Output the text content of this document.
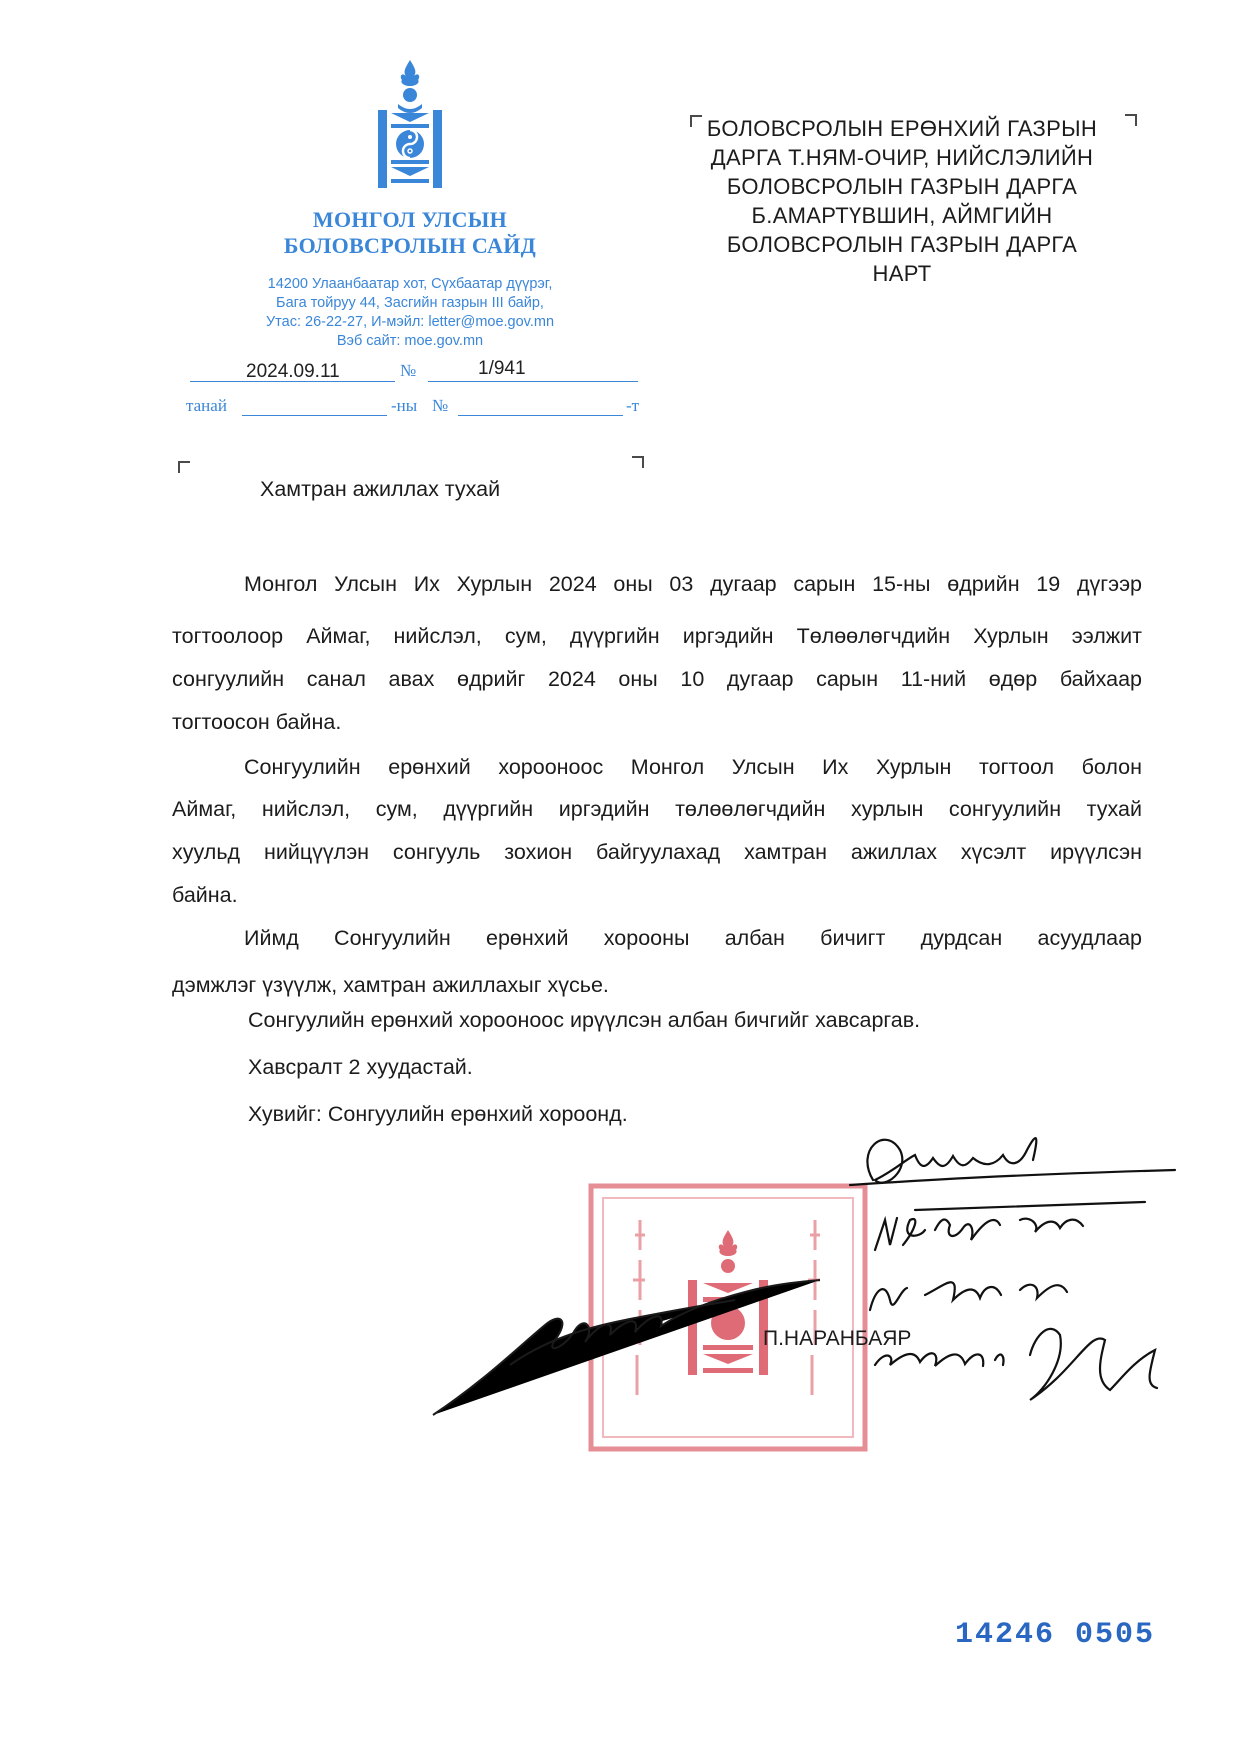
МОНГОЛ УЛСЫН
БОЛОВСРОЛЫН САЙД
14200 Улаанбаатар хот, Сүхбаатар дүүрэг,
Бага тойруу 44, Засгийн газрын III байр,
Утас: 26-22-27, И-мэйл: letter@moe.gov.mn
Вэб сайт: moe.gov.mn
2024.09.11	№	1/941
танай	-ны №	-т
БОЛОВСРОЛЫН ЕРӨНХИЙ ГАЗРЫН
ДАРГА Т.НЯМ-ОЧИР, НИЙСЛЭЛИЙН
БОЛОВСРОЛЫН ГАЗРЫН ДАРГА
Б.АМАРТҮВШИН, АЙМГИЙН
БОЛОВСРОЛЫН ГАЗРЫН ДАРГА
НАРТ
Хамтран ажиллах тухай
Монгол Улсын Их Хурлын 2024 оны 03 дугаар сарын 15-ны өдрийн 19 дүгээр
тогтоолоор Аймаг, нийслэл, сум, дүүргийн иргэдийн Төлөөлөгчдийн Хурлын ээлжит
сонгуулийн санал авах өдрийг 2024 оны 10 дугаар сарын 11-ний өдөр байхаар
тогтоосон байна.
Сонгуулийн ерөнхий хорооноос Монгол Улсын Их Хурлын тогтоол болон
Аймаг, нийслэл, сум, дүүргийн иргэдийн төлөөлөгчдийн хурлын сонгуулийн тухай
хуульд нийцүүлэн сонгууль зохион байгуулахад хамтран ажиллах хүсэлт ирүүлсэн
байна.
Иймд Сонгуулийн ерөнхий хорооны албан бичигт дурдсан асуудлаар
дэмжлэг үзүүлж, хамтран ажиллахыг хүсье.
Сонгуулийн ерөнхий хорооноос ирүүлсэн албан бичгийг хавсаргав.
Хавсралт 2 хуудастай.
Хувийг: Сонгуулийн ерөнхий хороонд.
П.НАРАНБАЯР
14246 0505
